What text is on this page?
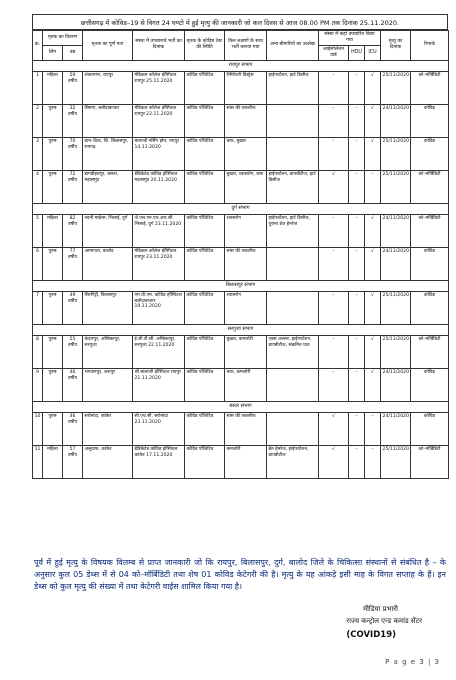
छत्तीसगढ़ में कोविड–19 से विगत 24 घण्टो में हुई मृत्यु की जानकारी जो कल दिवस से आज 08.00 PM तक दिनांक 25.11.2020.
क्र.	मृतक का विवरण		मृतक का पूर्ण पता	संस्था में उपचारार्थ भर्ती का दिनांक	मृतक के कोविड टेस्ट की स्थिति	किन लक्षणों के साथ भर्ती कराया गया	अन्य बीमारियों का उल्लेख	संस्था में कहां उपचारित किया गया			मृत्यु का दिनांक	रिमार्क
	लिंग	उम्र						आईसोलेशन वार्ड	HDU	ICU		
रायपुर संभाग												
1	महिला	59 वर्षीय	शंकरनगर, रायपुर	मेडिकल कॉलेज हॉस्पिटल रायपुर 25.11.2020	कोविड पॉजिटिव	रेस्पिरेटरी डिस्ट्रेस	हाईपरटेंशन, हार्ट डिसीज	–	–	√	25/11/2020	को–मॉर्बिडिटी
2	पुरुष	32 वर्षीय	सिमगा, बलौदाबाजार	मेडिकल कॉलेज हॉस्पिटल रायपुर 22.11.2020	कोविड पॉजिटिव	सांस की तकलीफ		–	–	√	24/11/2020	कोविड
3	पुरुष	70 वर्षीय	ग्राम–दिवा, जि. बिलासपुर, रायगढ़	बालाजी नर्सिंग होम, रायपुर 14.11.2020	कोविड पॉजिटिव	कफ, बुखार		–	–	√	25/11/2020	कोविड
4	पुरुष	72 वर्षीय	डागडीहारपुर, बसना, महासमुंद	डेडिकेटेड कोविड हॉस्पिटल महासमुंद 20.11.2020	कोविड पॉजिटिव	बुखार, श्वासरोग, कफ	हाईपरटेंशन, डायबीटीज, हार्ट डिसीज	√	–	–	25/11/2020	को–मॉर्बिडिटी
दुर्ग संभाग												
5	महिला	82 वर्षीय	नदनी माईन्स, भिलाई, दुर्ग	जे.एल.एन.एच.आर.सी. भिलाई, दुर्ग 23.11.2020	कोविड पॉजिटिव	श्वासरोग	हाईपरटेंशन, हार्ट डिसीज, पुराना क्षेत्र हेमरेज	–	–	√	24/11/2020	को–मॉर्बिडिटी
6	पुरुष	77 वर्षीय	आमापारा, बालोद	मेडिकल कॉलेज हॉस्पिटल रायपुर 23.11.2020	कोविड पॉजिटिव	सांस की तकलीफ		–	–	√	24/11/2020	कोविड
बिलासपुर संभाग												
7	पुरुष	49 वर्षीय	सिरगिट्टी, बिलासपुर	एम.वी.एम. कोविड हॉस्पिटल बलौदाबाजार 19.11.2020	कोविड पॉजिटिव	श्वासरोग		–	–	√	25/11/2020	कोविड
सरगुजा संभाग												
8	पुरुष	55 वर्षीय	केदारपुर, अम्बिकापुर, सरगुजा	ई.सी.टी.सी. अम्बिकापुर, सरगुजा 22.11.2020	कोविड पॉजिटिव	बुखार, कमजोरी	एक्स अल्सर, हाईपरटेंशन, डायबीटीज, संक्रमित घाव	–	–	√	25/11/2020	को–मॉर्बिडिटी
9	पुरुष	46 वर्षीय	भगवानपुर, जशपुर	श्री बालाजी हॉस्पिटल रायपुर 21.11.2020	कोविड पॉजिटिव	कफ, कमजोरी		–	–	√	24/11/2020	कोविड
बस्तर संभाग												
10	पुरुष	46 वर्षीय	सरोनांदा, कांकेर	सी.एच.सी. सरोनांदा 23.11.2020	कोविड पॉजिटिव	सांस की तकलीफ		√	–	–	24/11/2020	कोविड
11	महिला	57 वर्षीय	अलुग्राफ, कांकेर	डेडिकेटेड कोविड हॉस्पिटल कांकेर 17.11.2020	कोविड पॉजिटिव	कमजोरी	ब्रेन हेमरेज, हाईपरटेंशन, डायबीटीज	√	–	–	25/11/2020	को–मॉर्बिडिटी
पूर्व में हुई मृत्यु के विषयक विलम्ब से प्राप्त जानकारी जो कि रायपुर, बिलासपुर, दुर्ग, बालोद जिले के चिकित्सा संस्थानों से संबंधित है – के अनुसार कुल 05 डेथ्स में से 04 को–मॉर्बिडिटी तथा शेष 01 कोविड केटेगरी की है। मृत्यु के यह आंकड़े इसी माह के विगत सप्ताह के हैं। इन डेथ्स को कुल मृत्यु की संख्या में तथा केटेगरी वाईस शामिल किया गया है।
मीडिया प्रभारी
राज्य कन्ट्रोल एन्ड कमांड सेंटर
(COVID19)
P a g e 3 | 3
